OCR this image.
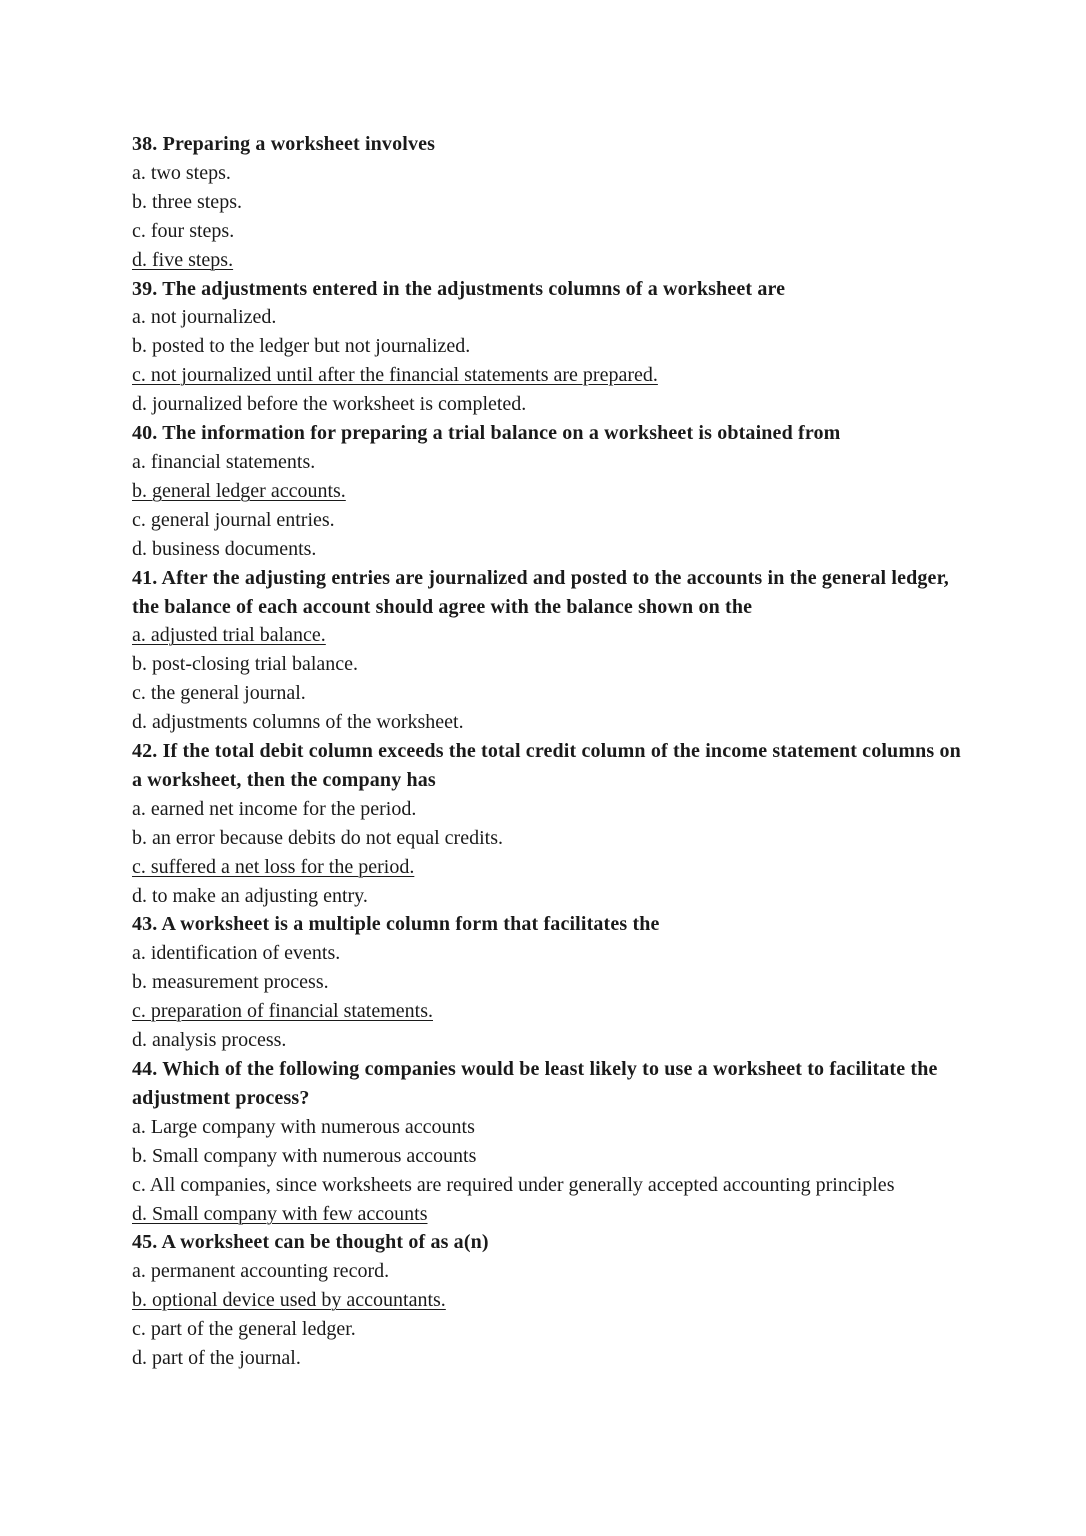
38. Preparing a worksheet involves
a. two steps.
b. three steps.
c. four steps.
d. five steps.
39. The adjustments entered in the adjustments columns of a worksheet are
a. not journalized.
b. posted to the ledger but not journalized.
c. not journalized until after the financial statements are prepared.
d. journalized before the worksheet is completed.
40. The information for preparing a trial balance on a worksheet is obtained from
a. financial statements.
b. general ledger accounts.
c. general journal entries.
d. business documents.
41. After the adjusting entries are journalized and posted to the accounts in the general ledger, the balance of each account should agree with the balance shown on the
a. adjusted trial balance.
b. post-closing trial balance.
c. the general journal.
d. adjustments columns of the worksheet.
42. If the total debit column exceeds the total credit column of the income statement columns on a worksheet, then the company has
a. earned net income for the period.
b. an error because debits do not equal credits.
c. suffered a net loss for the period.
d. to make an adjusting entry.
43. A worksheet is a multiple column form that facilitates the
a. identification of events.
b. measurement process.
c. preparation of financial statements.
d. analysis process.
44. Which of the following companies would be least likely to use a worksheet to facilitate the adjustment process?
a. Large company with numerous accounts
b. Small company with numerous accounts
c. All companies, since worksheets are required under generally accepted accounting principles
d. Small company with few accounts
45. A worksheet can be thought of as a(n)
a. permanent accounting record.
b. optional device used by accountants.
c. part of the general ledger.
d. part of the journal.
